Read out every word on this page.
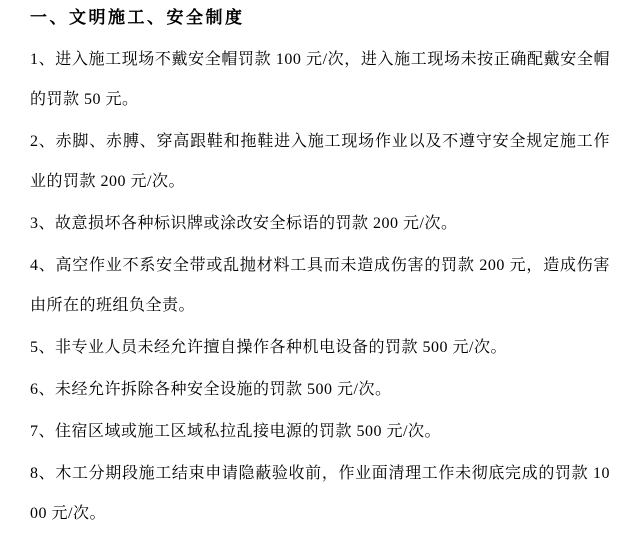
一、文明施工、安全制度

1、进入施工现场不戴安全帽罚款 100 元/次，进入施工现场未按正确配戴安全帽的罚款 50 元。

2、赤脚、赤膊、穿高跟鞋和拖鞋进入施工现场作业以及不遵守安全规定施工作业的罚款 200 元/次。

3、故意损坏各种标识牌或涂改安全标语的罚款 200 元/次。

4、高空作业不系安全带或乱抛材料工具而未造成伤害的罚款 200 元，造成伤害由所在的班组负全责。

5、非专业人员未经允许擅自操作各种机电设备的罚款 500 元/次。

6、未经允许拆除各种安全设施的罚款 500 元/次。

7、住宿区域或施工区域私拉乱接电源的罚款 500 元/次。

8、木工分期段施工结束申请隐蔽验收前，作业面清理工作未彻底完成的罚款 1000 元/次。
